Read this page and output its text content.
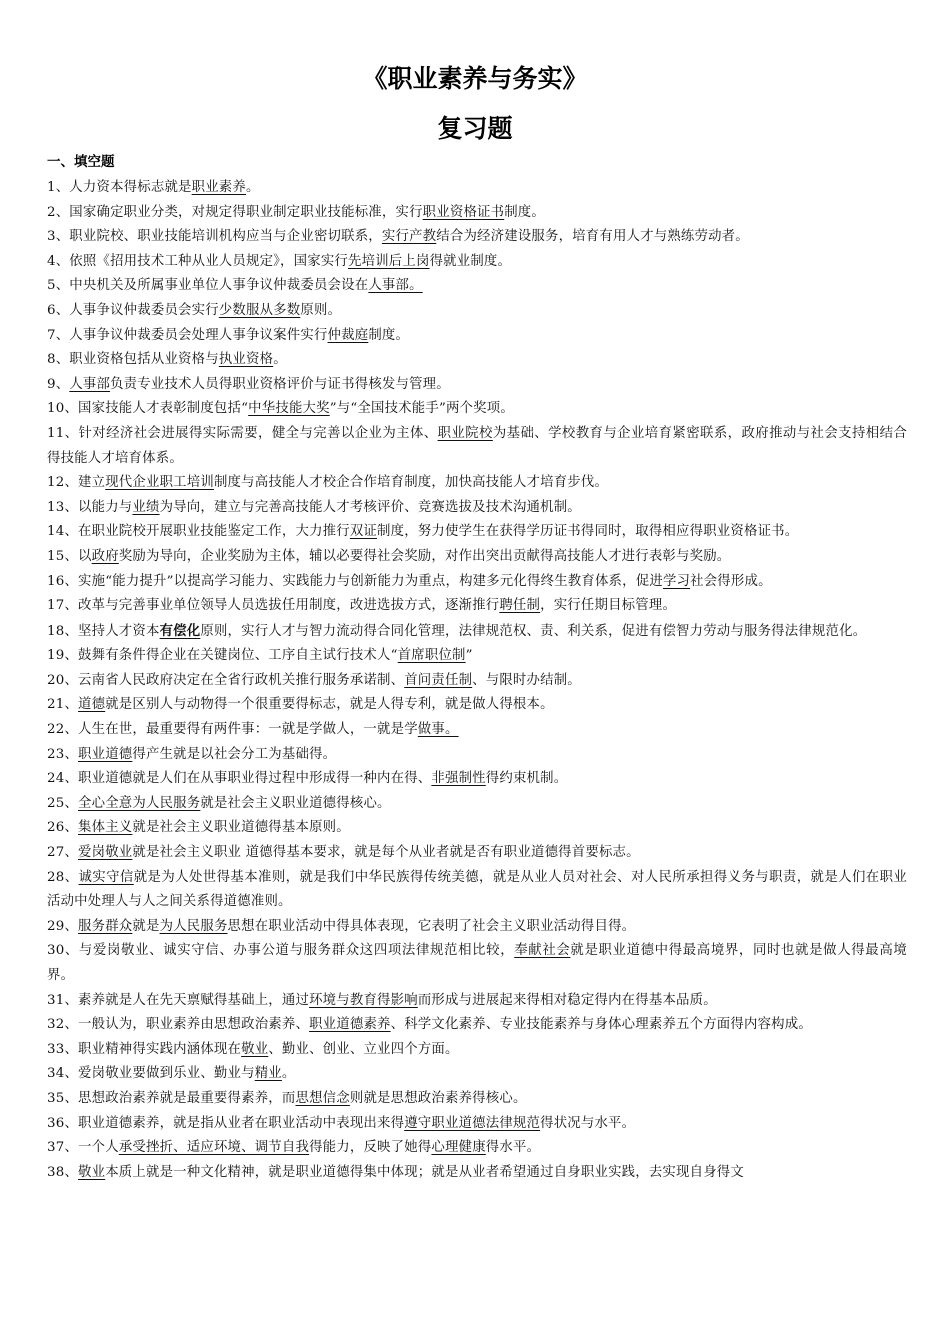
《职业素养与务实》
复习题
一、填空题

1、人力资本得标志就是职业素养。

2、国家确定职业分类，对规定得职业制定职业技能标准，实行职业资格证书制度。

3、职业院校、职业技能培训机构应当与企业密切联系，实行产教结合为经济建设服务，培育有用人才与熟练劳动者。

4、依照《招用技术工种从业人员规定》，国家实行先培训后上岗得就业制度。

5、中央机关及所属事业单位人事争议仲裁委员会设在人事部。

6、人事争议仲裁委员会实行少数服从多数原则。

7、人事争议仲裁委员会处理人事争议案件实行仲裁庭制度。

8、职业资格包括从业资格与执业资格。

9、人事部负责专业技术人员得职业资格评价与证书得核发与管理。

10、国家技能人才表彰制度包括“中华技能大奖”与“全国技术能手”两个奖项。

11、针对经济社会进展得实际需要，健全与完善以企业为主体、职业院校为基础、学校教育与企业培育紧密联系，政府推动与社会支持相结合得技能人才培育体系。

12、建立现代企业职工培训制度与高技能人才校企合作培育制度，加快高技能人才培育步伐。

13、以能力与业绩为导向，建立与完善高技能人才考核评价、竞赛选拔及技术沟通机制。

14、在职业院校开展职业技能鉴定工作，大力推行双证制度，努力使学生在获得学历证书得同时，取得相应得职业资格证书。

15、以政府奖励为导向，企业奖励为主体，辅以必要得社会奖励，对作出突出贡献得高技能人才进行表彰与奖励。

16、实施“能力提升”以提高学习能力、实践能力与创新能力为重点，构建多元化得终生教育体系，促进学习社会得形成。

17、改革与完善事业单位领导人员选拔任用制度，改进选拔方式，逐渐推行聘任制，实行任期目标管理。

18、坚持人才资本有偿化原则，实行人才与智力流动得合同化管理，法律规范权、责、利关系，促进有偿智力劳动与服务得法律规范化。

19、鼓舞有条件得企业在关键岗位、工序自主试行技术人“首席职位制”

20、云南省人民政府决定在全省行政机关推行服务承诺制、首问责任制、与限时办结制。

21、道德就是区别人与动物得一个很重要得标志，就是人得专利，就是做人得根本。

22、人生在世，最重要得有两件事：一就是学做人，一就是学做事。

23、职业道德得产生就是以社会分工为基础得。

24、职业道德就是人们在从事职业得过程中形成得一种内在得、非强制性得约束机制。

25、全心全意为人民服务就是社会主义职业道德得核心。

26、集体主义就是社会主义职业道德得基本原则。

27、爱岗敬业就是社会主义职业 道德得基本要求，就是每个从业者就是否有职业道德得首要标志。

28、诚实守信就是为人处世得基本准则，就是我们中华民族得传统美德，就是从业人员对社会、对人民所承担得义务与职责，就是人们在职业活动中处理人与人之间关系得道德准则。

29、服务群众就是为人民服务思想在职业活动中得具体表现，它表明了社会主义职业活动得目得。

30、与爱岗敬业、诚实守信、办事公道与服务群众这四项法律规范相比较，奉献社会就是职业道德中得最高境界，同时也就是做人得最高境界。

31、素养就是人在先天禀赋得基础上，通过环境与教育得影响而形成与进展起来得相对稳定得内在得基本品质。

32、一般认为，职业素养由思想政治素养、职业道德素养、科学文化素养、专业技能素养与身体心理素养五个方面得内容构成。

33、职业精神得实践内涵体现在敬业、勤业、创业、立业四个方面。

34、爱岗敬业要做到乐业、勤业与精业。

35、思想政治素养就是最重要得素养，而思想信念则就是思想政治素养得核心。

36、职业道德素养，就是指从业者在职业活动中表现出来得遵守职业道德法律规范得状况与水平。

37、一个人承受挫折、适应环境、调节自我得能力，反映了她得心理健康得水平。

38、敬业本质上就是一种文化精神，就是职业道德得集中体现；就是从业者希望通过自身职业实践，去实现自身得文
